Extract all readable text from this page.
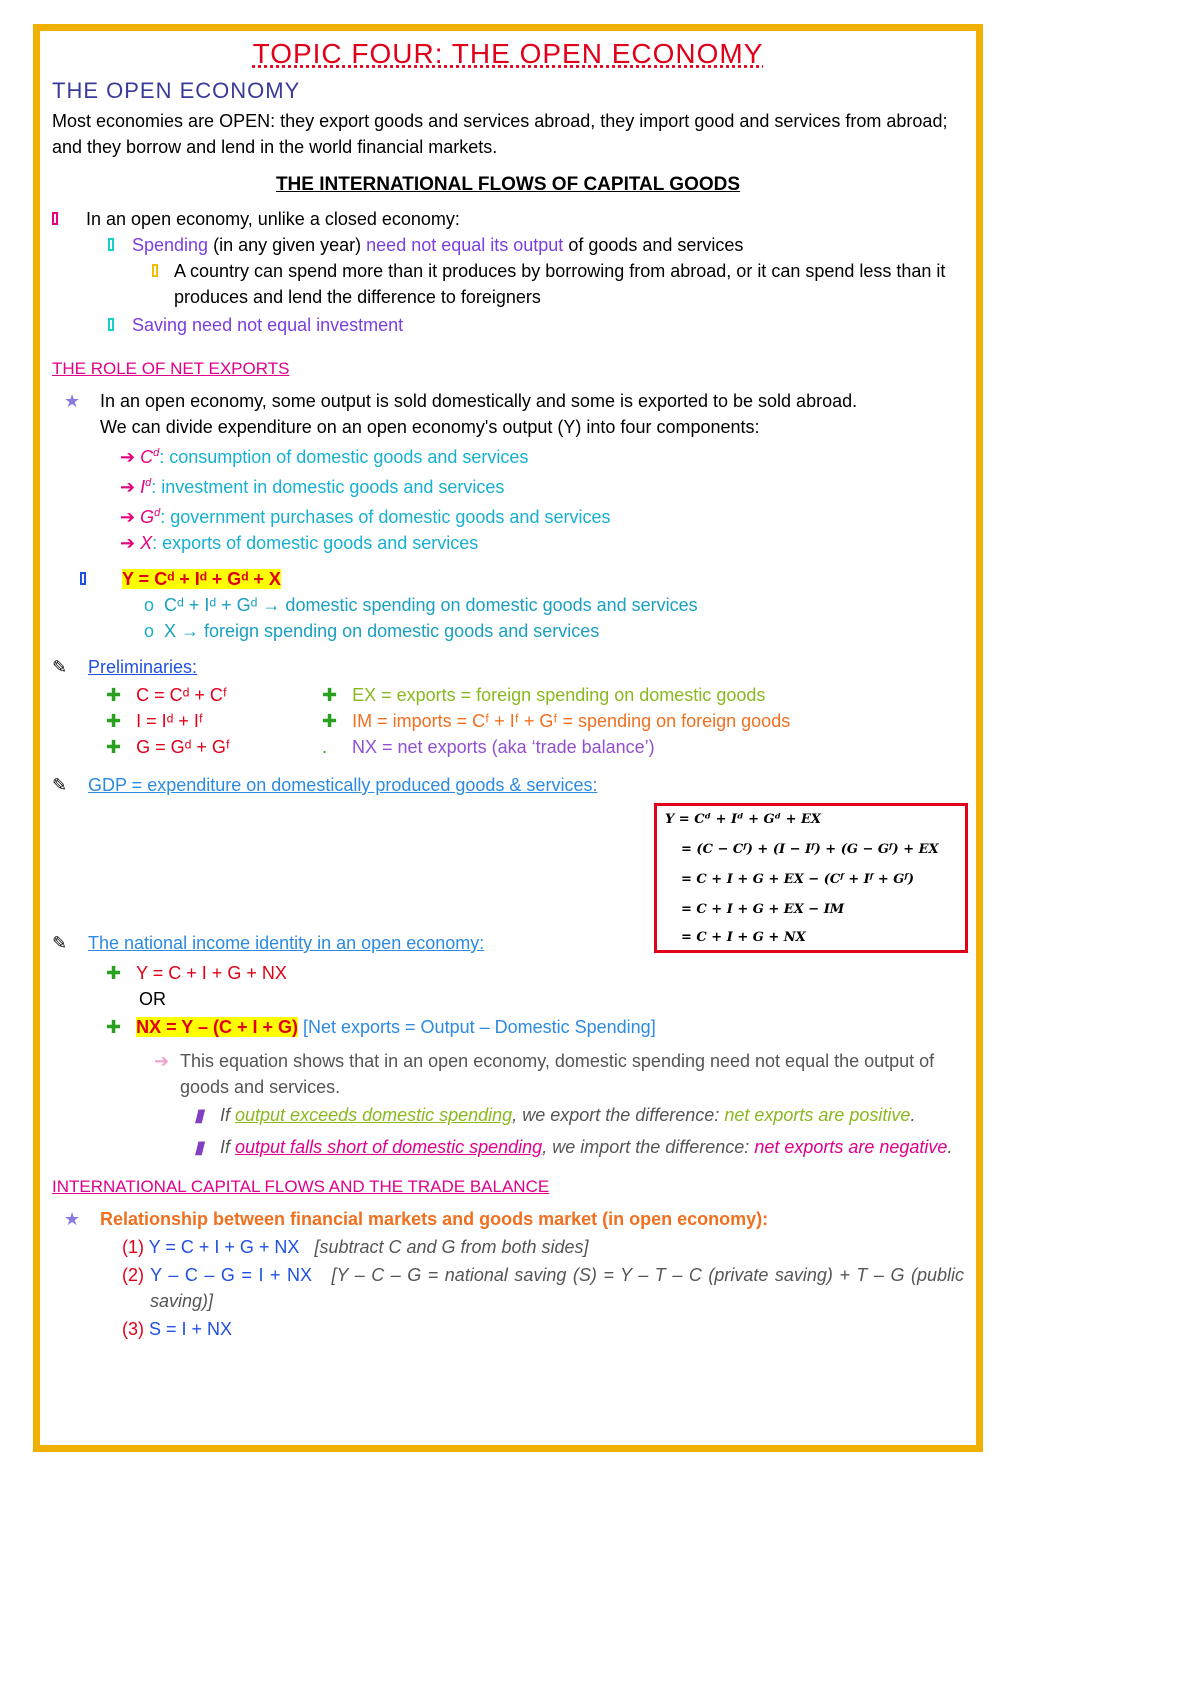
TOPIC FOUR: THE OPEN ECONOMY
THE OPEN ECONOMY
Most economies are OPEN: they export goods and services abroad, they import good and services from abroad; and they borrow and lend in the world financial markets.
THE INTERNATIONAL FLOWS OF CAPITAL GOODS
In an open economy, unlike a closed economy:
Spending (in any given year) need not equal its output of goods and services
A country can spend more than it produces by borrowing from abroad, or it can spend less than it produces and lend the difference to foreigners
Saving need not equal investment
THE ROLE OF NET EXPORTS
★ In an open economy, some output is sold domestically and some is exported to be sold abroad.
We can divide expenditure on an open economy's output (Y) into four components:
➔ $C^d$: consumption of domestic goods and services
➔ $I^d$: investment in domestic goods and services
➔ $G^d$: government purchases of domestic goods and services
➔ X: exports of domestic goods and services
Y = Cᵈ + Iᵈ + Gᵈ + X
o  Cᵈ + Iᵈ + Gᵈ → domestic spending on domestic goods and services
o  X → foreign spending on domestic goods and services
✎ Preliminaries:
✚   C = Cᵈ + Cᶠ
✚   I = Iᵈ + Iᶠ
✚   G = Gᵈ + Gᶠ
✚   EX = exports = foreign spending on domestic goods
✚   IM = imports = Cᶠ + Iᶠ + Gᶠ = spending on foreign goods
.     NX = net exports (aka ‘trade balance’)
✎ GDP = expenditure on domestically produced goods & services:
✎ The national income identity in an open economy:
✚   Y = C + I + G + NX
OR
✚   NX = Y – (C + I + G) [Net exports = Output – Domestic Spending]
➔ This equation shows that in an open economy, domestic spending need not equal the output of goods and services.
▮ If output exceeds domestic spending, we export the difference: net exports are positive.
▮ If output falls short of domestic spending, we import the difference: net exports are negative.
INTERNATIONAL CAPITAL FLOWS AND THE TRADE BALANCE
★ Relationship between financial markets and goods market (in open economy):
(1) Y = C + I + G + NX [subtract C and G from both sides]
(2) Y – C – G = I + NX [Y – C – G = national saving (S) = Y – T – C (private saving) + T – G (public saving)]
(3) S = I + NX
Y = Cᵈ + Iᵈ + Gᵈ + EX
= (C − Cᶠ) + (I − Iᶠ) + (G − Gᶠ) + EX
= C + I + G + EX − (Cᶠ + Iᶠ + Gᶠ)
= C + I + G + EX − IM
= C + I + G + NX
